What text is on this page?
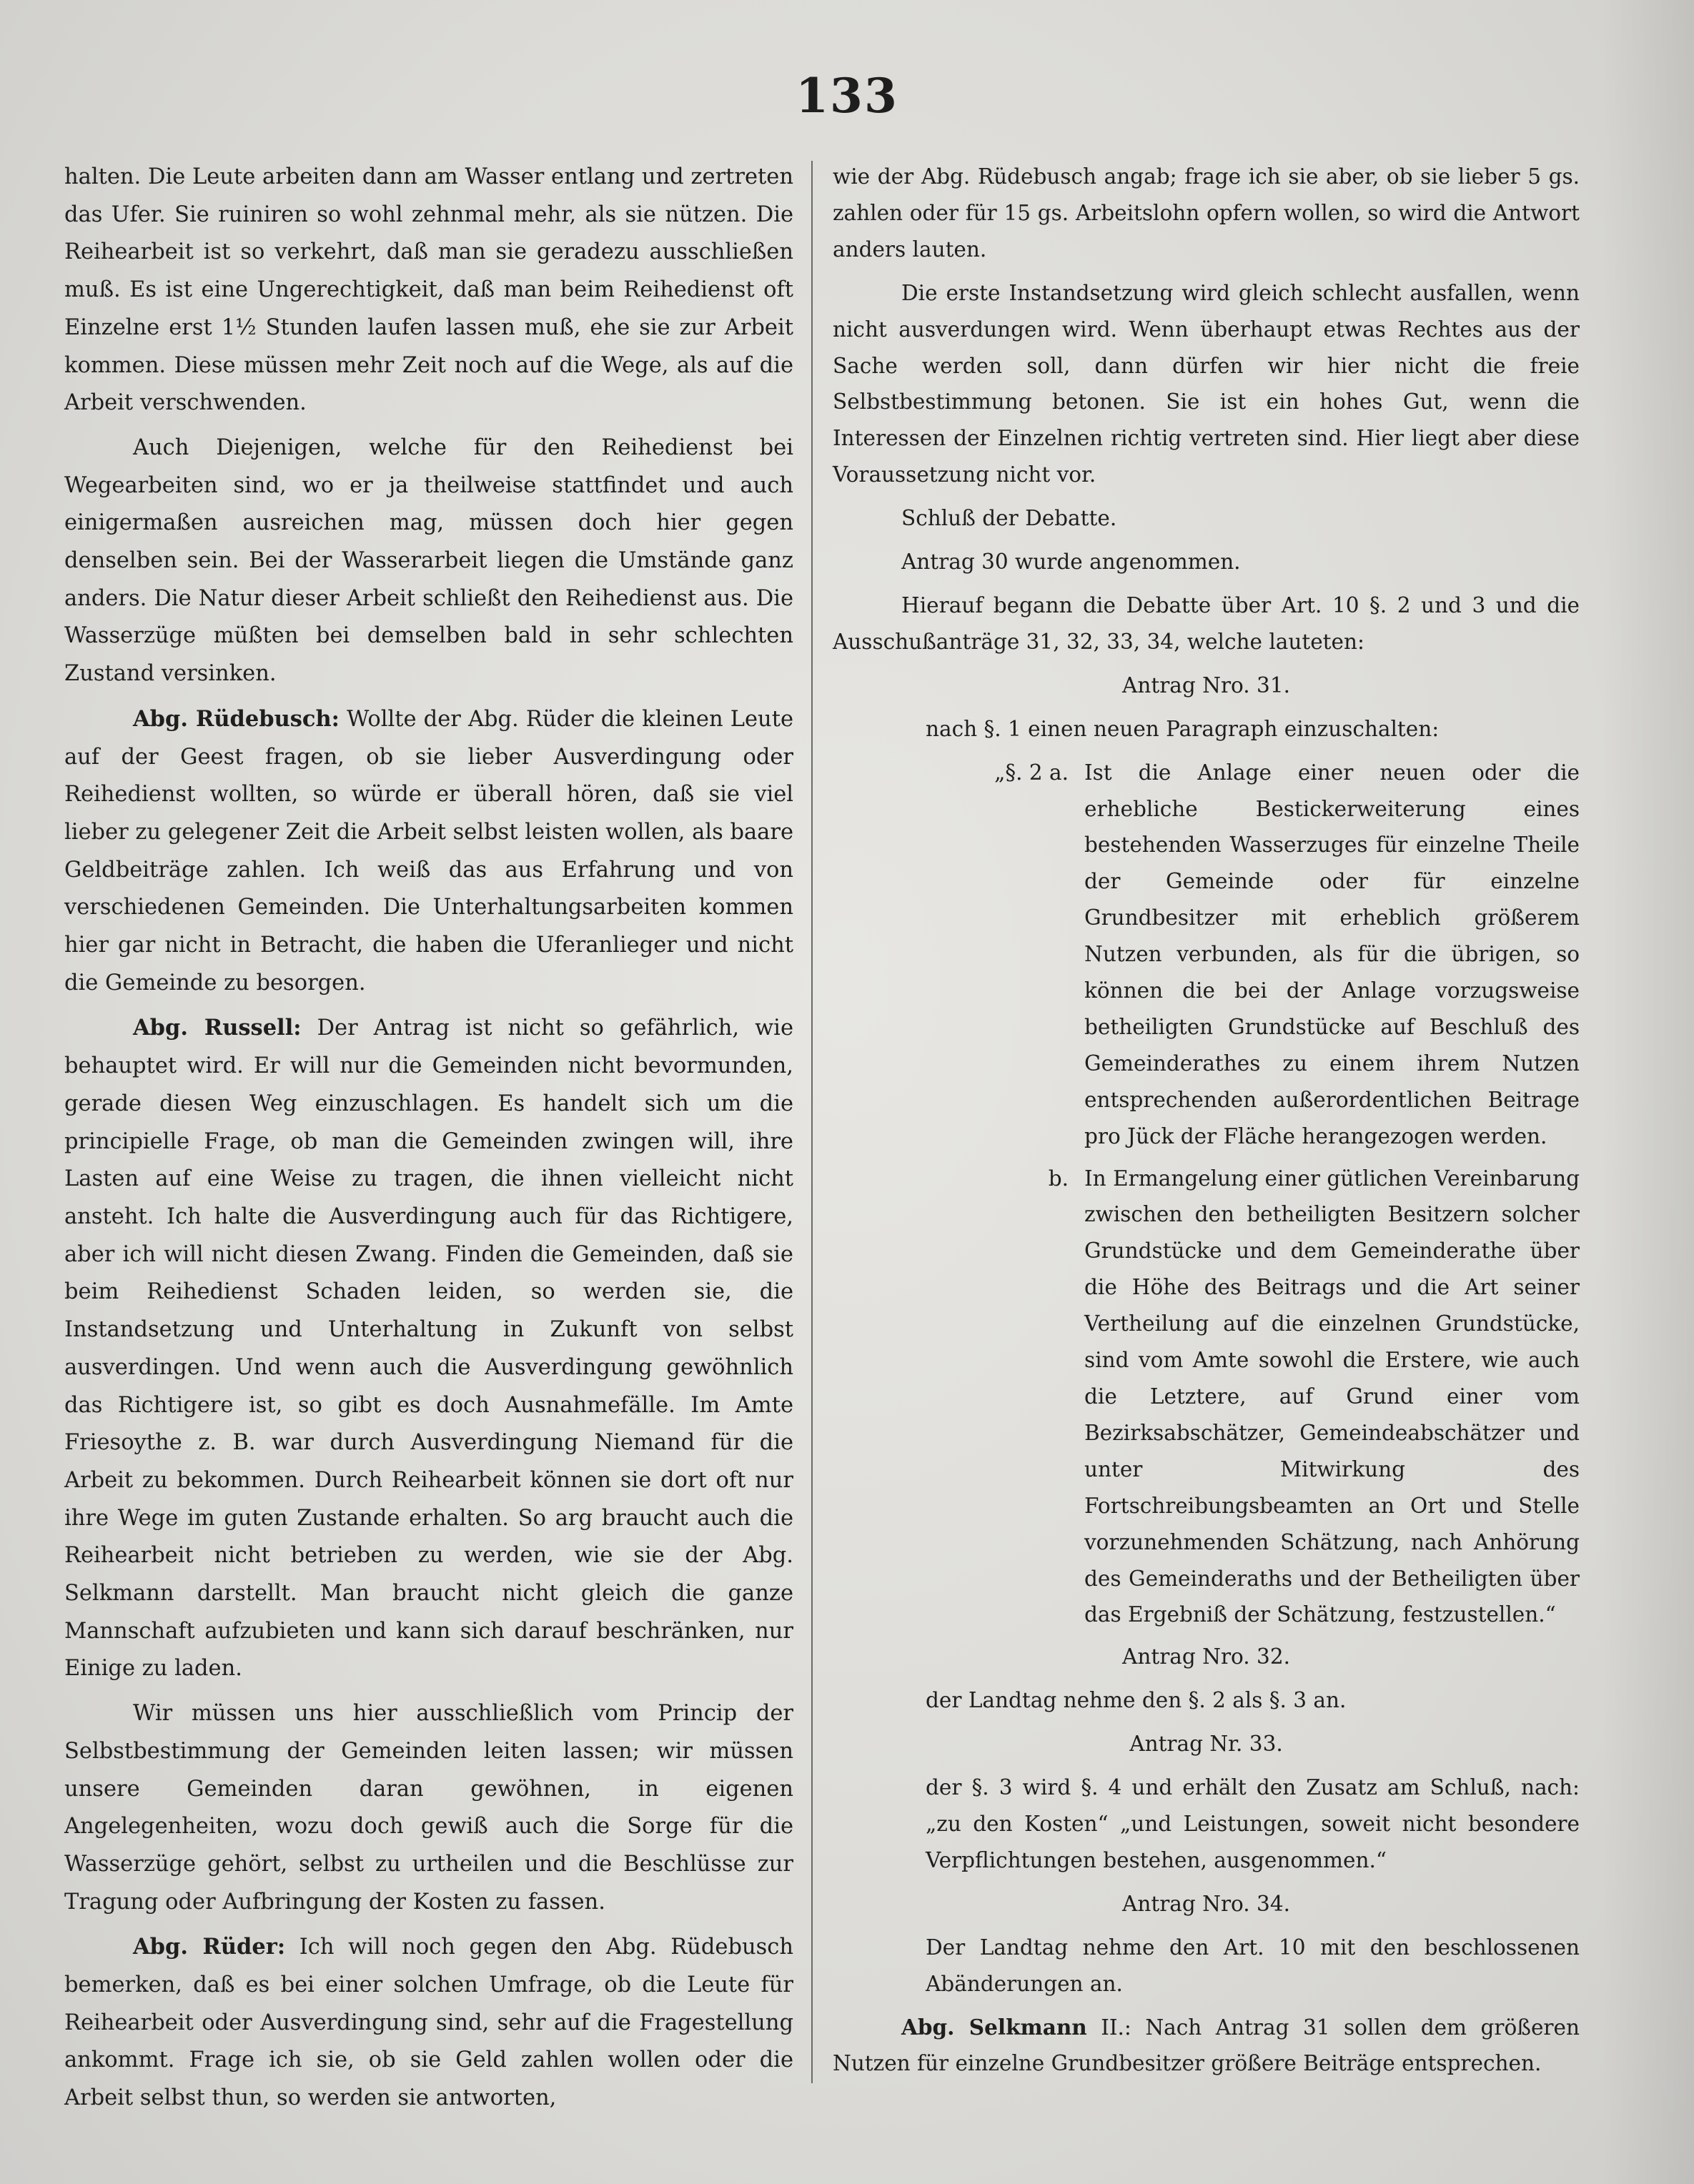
133
halten. Die Leute arbeiten dann am Wasser entlang und zertreten das Ufer. Sie ruiniren so wohl zehnmal mehr, als sie nützen. Die Reihearbeit ist so verkehrt, daß man sie geradezu ausschließen muß. Es ist eine Ungerechtigkeit, daß man beim Reihedienst oft Einzelne erst 1½ Stunden laufen lassen muß, ehe sie zur Arbeit kommen. Diese müssen mehr Zeit noch auf die Wege, als auf die Arbeit verschwenden.
Auch Diejenigen, welche für den Reihedienst bei Wegearbeiten sind, wo er ja theilweise stattfindet und auch einigermaßen ausreichen mag, müssen doch hier gegen denselben sein. Bei der Wasserarbeit liegen die Umstände ganz anders. Die Natur dieser Arbeit schließt den Reihedienst aus. Die Wasserzüge müßten bei demselben bald in sehr schlechten Zustand versinken.
Abg. Rüdebusch: Wollte der Abg. Rüder die kleinen Leute auf der Geest fragen, ob sie lieber Ausverdingung oder Reihedienst wollten, so würde er überall hören, daß sie viel lieber zu gelegener Zeit die Arbeit selbst leisten wollen, als baare Geldbeiträge zahlen. Ich weiß das aus Erfahrung und von verschiedenen Gemeinden. Die Unterhaltungsarbeiten kommen hier gar nicht in Betracht, die haben die Uferanlieger und nicht die Gemeinde zu besorgen.
Abg. Russell: Der Antrag ist nicht so gefährlich, wie behauptet wird. Er will nur die Gemeinden nicht bevormunden, gerade diesen Weg einzuschlagen. Es handelt sich um die principielle Frage, ob man die Gemeinden zwingen will, ihre Lasten auf eine Weise zu tragen, die ihnen vielleicht nicht ansteht. Ich halte die Ausverdingung auch für das Richtigere, aber ich will nicht diesen Zwang. Finden die Gemeinden, daß sie beim Reihedienst Schaden leiden, so werden sie, die Instandsetzung und Unterhaltung in Zukunft von selbst ausverdingen. Und wenn auch die Ausverdingung gewöhnlich das Richtigere ist, so gibt es doch Ausnahmefälle. Im Amte Friesoythe z. B. war durch Ausverdingung Niemand für die Arbeit zu bekommen. Durch Reihearbeit können sie dort oft nur ihre Wege im guten Zustande erhalten. So arg braucht auch die Reihearbeit nicht betrieben zu werden, wie sie der Abg. Selkmann darstellt. Man braucht nicht gleich die ganze Mannschaft aufzubieten und kann sich darauf beschränken, nur Einige zu laden.
Wir müssen uns hier ausschließlich vom Princip der Selbstbestimmung der Gemeinden leiten lassen; wir müssen unsere Gemeinden daran gewöhnen, in eigenen Angelegenheiten, wozu doch gewiß auch die Sorge für die Wasserzüge gehört, selbst zu urtheilen und die Beschlüsse zur Tragung oder Aufbringung der Kosten zu fassen.
Abg. Rüder: Ich will noch gegen den Abg. Rüdebusch bemerken, daß es bei einer solchen Umfrage, ob die Leute für Reihearbeit oder Ausverdingung sind, sehr auf die Fragestellung ankommt. Frage ich sie, ob sie Geld zahlen wollen oder die Arbeit selbst thun, so werden sie antworten,
wie der Abg. Rüdebusch angab; frage ich sie aber, ob sie lieber 5 gs. zahlen oder für 15 gs. Arbeitslohn opfern wollen, so wird die Antwort anders lauten.
Die erste Instandsetzung wird gleich schlecht ausfallen, wenn nicht ausverdungen wird. Wenn überhaupt etwas Rechtes aus der Sache werden soll, dann dürfen wir hier nicht die freie Selbstbestimmung betonen. Sie ist ein hohes Gut, wenn die Interessen der Einzelnen richtig vertreten sind. Hier liegt aber diese Voraussetzung nicht vor.
Schluß der Debatte.
Antrag 30 wurde angenommen.
Hierauf begann die Debatte über Art. 10 §. 2 und 3 und die Ausschußanträge 31, 32, 33, 34, welche lauteten:
Antrag Nro. 31.
nach §. 1 einen neuen Paragraph einzuschalten:
„§. 2 a. Ist die Anlage einer neuen oder die erhebliche Bestickerweiterung eines bestehenden Wasserzuges für einzelne Theile der Gemeinde oder für einzelne Grundbesitzer mit erheblich größerem Nutzen verbunden, als für die übrigen, so können die bei der Anlage vorzugsweise betheiligten Grundstücke auf Beschluß des Gemeinderathes zu einem ihrem Nutzen entsprechenden außerordentlichen Beitrage pro Jück der Fläche herangezogen werden.
b. In Ermangelung einer gütlichen Vereinbarung zwischen den betheiligten Besitzern solcher Grundstücke und dem Gemeinderathe über die Höhe des Beitrags und die Art seiner Vertheilung auf die einzelnen Grundstücke, sind vom Amte sowohl die Erstere, wie auch die Letztere, auf Grund einer vom Bezirksabschätzer, Gemeindeabschätzer und unter Mitwirkung des Fortschreibungsbeamten an Ort und Stelle vorzunehmenden Schätzung, nach Anhörung des Gemeinderaths und der Betheiligten über das Ergebniß der Schätzung, festzustellen.“
Antrag Nro. 32.
der Landtag nehme den §. 2 als §. 3 an.
Antrag Nr. 33.
der §. 3 wird §. 4 und erhält den Zusatz am Schluß, nach: „zu den Kosten“ „und Leistungen, soweit nicht besondere Verpflichtungen bestehen, ausgenommen.“
Antrag Nro. 34.
Der Landtag nehme den Art. 10 mit den beschlossenen Abänderungen an.
Abg. Selkmann II.: Nach Antrag 31 sollen dem größeren Nutzen für einzelne Grundbesitzer größere Beiträge entsprechen.
